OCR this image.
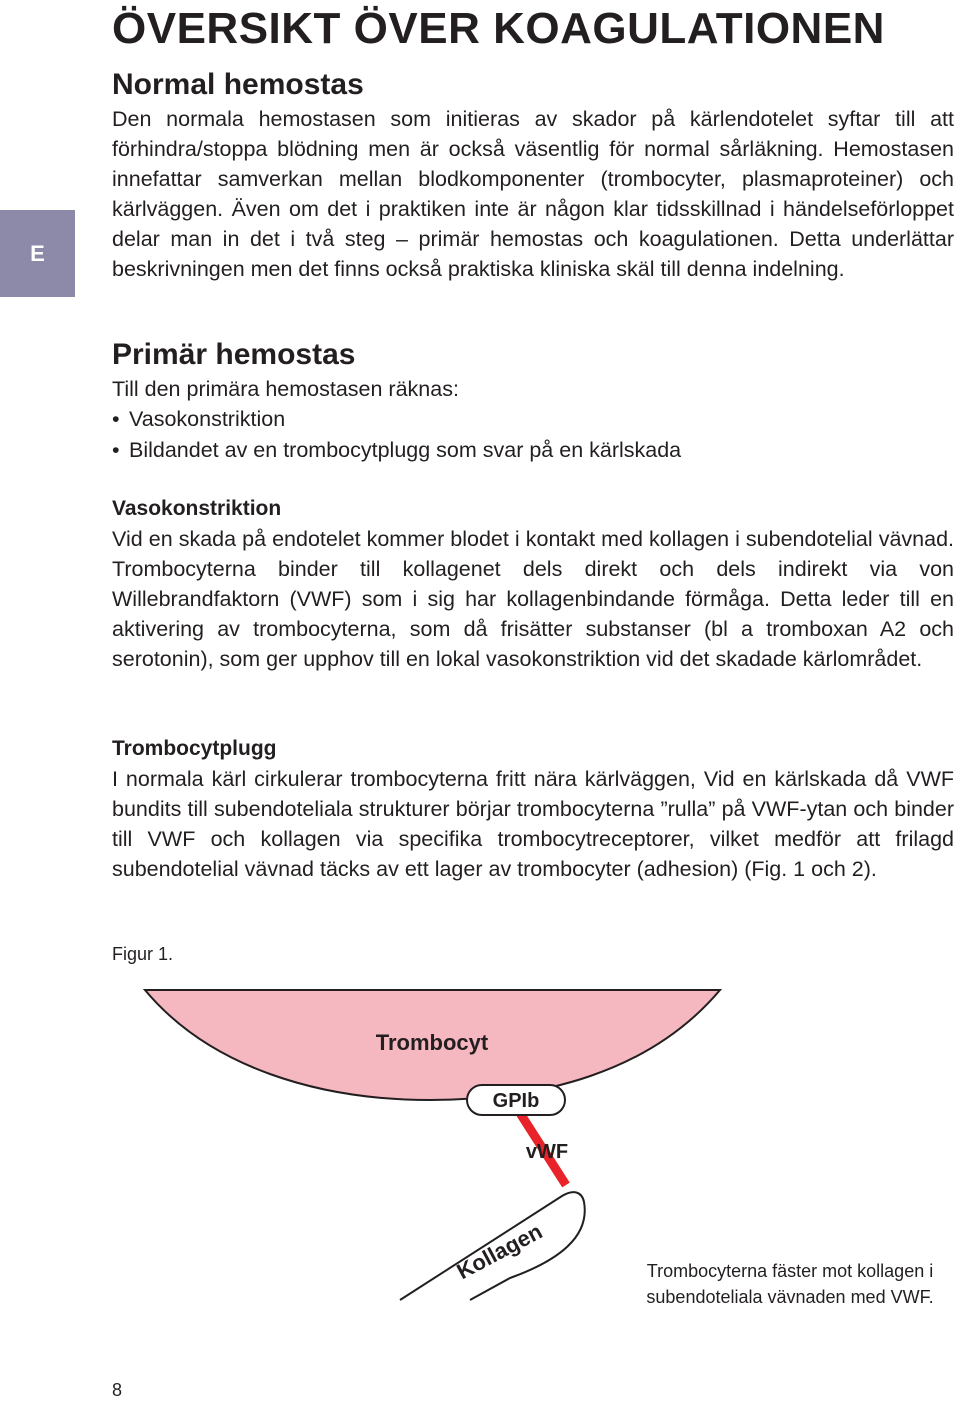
E
ÖVERSIKT ÖVER KOAGULATIONEN
Normal hemostas

Den normala hemostasen som initieras av skador på kärlendotelet syftar till att förhindra/stoppa blödning men är också väsentlig för normal sårläkning. Hemostasen innefattar samverkan mellan blodkomponenter (trombocyter, plasmaproteiner) och kärlväggen. Även om det i praktiken inte är någon klar tidsskillnad i händelseförloppet delar man in det i två steg – primär hemostas och koagulationen. Detta underlättar beskrivningen men det finns också praktiska kliniska skäl till denna indelning.

Primär hemostas

Till den primära hemostasen räknas:

• Vasokonstriktion
• Bildandet av en trombocytplugg som svar på en kärlskada
Vasokonstriktion

Vid en skada på endotelet kommer blodet i kontakt med kollagen i subendotelial vävnad. Trombocyterna binder till kollagenet dels direkt och dels indirekt via von Willebrandfaktorn (VWF) som i sig har kollagenbindande förmåga. Detta leder till en aktivering av trombocyterna, som då frisätter substanser (bl a tromboxan A2 och serotonin), som ger upphov till en lokal vasokonstriktion vid det skadade kärlområdet.

Trombocytplugg

I normala kärl cirkulerar trombocyterna fritt nära kärlväggen, Vid en kärlskada då VWF bundits till subendoteliala strukturer börjar trombocyterna ”rulla” på VWF-ytan och binder till VWF och kollagen via specifika trombocytreceptorer, vilket medför att frilagd subendotelial vävnad täcks av ett lager av trombocyter (adhesion) (Fig. 1 och 2).

Figur 1.
Trombocyt
GPIb
vWF
Kollagen	Trombocyterna fäster mot kollagen i
subendoteliala vävnaden med VWF.
8
